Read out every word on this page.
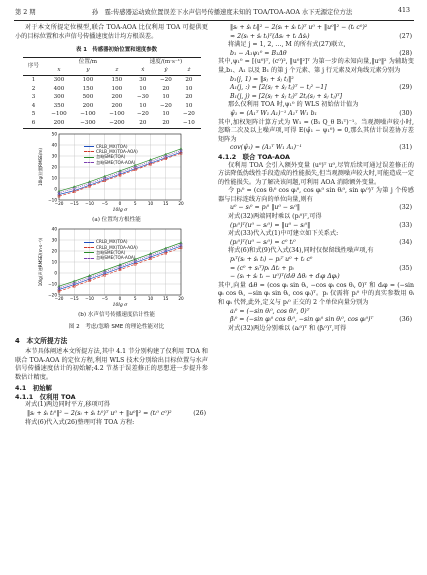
第 2 期	孙　霆:传感器运动致位置误差下水声信号传播速度未知的 TOA/TOA-AOA 水下无源定位方法	413

对于本文所提定位模型,联合 TOA-AOA 比仅利用 TOA 可提供更小的目标位置和水声信号传播速度估计均方根误差。

表 1　传感器初始位置和速度参数

序号	位置/m			速度/(m·s⁻¹)		
	x	y	z	ẋ	ẏ	ż
1	300	100	150	30	−20	20
2	400	150	100	10	20	10
3	300	500	200	−30	10	20
4	350	200	200	10	−20	10
5	−100	−100	−100	−20	10	−20
6	200	−300	−200	20	20	−10
50
40
30
20
10
0
−10
−20 −15 −10 −5	0	5	10 15 20
10lg σ
10lg(位置RMSE/m)
CRLB_MX(TOA)
CRLB_MX(TOA-AOA)
忽略SME(TOA)
忽略SME(TOA-AOA)

(a) 位置均方根性能

40
30
20
10
0
−10
−20
−20 −15 −10 −5	0	5	10 15 20
10lg σ
10lg(声速RMSE/(m·s⁻¹))	CRLB_MX(TOA)
CRLB_MX(TOA-AOA)
忽略SME(TOA)
忽略SME(TOA-AOA)

(b) 水声信号传播速度估计性能

图 2　考虑/忽略 SME 的理论性能对比

4　本文所提方法

本节具体阐述本文所提方法,其中 4.1 节分别构建了仅利用 TOA 和联合 TOA-AOA 的定位方程,利用 WLS 技术分别给出目标位置与水声信号传播速度估计的初始解;4.2 节基于误差修正的思想进一步提升参数估计精度。

4.1　初始解
4.1.1　仅利用 TOA

对式(1)两边同时平方,移项可得

‖sᵢ + ṡᵢ tᵢ⁰‖² − 2(sᵢ + ṡᵢ tᵢ⁰)ᵀ u⁰ + ‖u⁰‖² = (tᵢ⁰ c⁰)²	(26)

将式(6)代入式(26)整理可将 TOA 方程:

‖sᵢ + ṡᵢ tᵢ‖² − 2(sᵢ + ṡᵢ tᵢ)ᵀ u⁰ + ‖u⁰‖² − (tᵢ c⁰)²
≈ 2(sᵢ + ṡᵢ tᵢ)ᵀ(Δsᵢ + tᵢ Δṡᵢ)	(27)

将满足 j = 1, 2, …, M 的所有式(27)联立,

b₁ − A₁ψ₁⁰ = B₁Δθ	(28)

其中,ψ₁⁰ = [(u⁰)ᵀ, (c⁰)², ‖u⁰‖²]ᵀ 为第一步的未知向量,‖u⁰‖² 为辅助变量,b₁、A₁ 以及 B₁ 的第 j 个元素、第 j 行元素及对角线元素分别为

b₁(j, 1) = ‖sⱼ + ṡⱼ tⱼ‖²
A₁(j, :) = [2(sⱼ + ṡⱼ tⱼ)ᵀ − tⱼ² −1]	(29)
B₁(j, j) = [2(sⱼ + ṡⱼ tⱼ)ᵀ 2tⱼ(sⱼ + ṡⱼ tⱼ)ᵀ]

那么仅利用 TOA 时,ψ₁⁰ 的 WLS 初始估计值为

ψ̂₁ = (A₁ᵀ W₁ A₁)⁻¹ A₁ᵀ W₁ b₁	(30)

其中,加权矩阵计算方式为 W₁ = (B₁ Q_θ B₁ᵀ)⁻¹。当观测噪声较小时,忽略二次及以上噪声项,可得 E(ψ̂₁ − ψ₁⁰) = 0,那么其估计误差协方差矩阵为

cov(ψ̂₁) = (A₁ᵀ W₁ A₁)⁻¹	(31)
4.1.2　联合 TOA-AOA

仅利用 TOA 会引入额外变量 (u⁰)ᵀ u⁰,尽管后续可通过误差修正的方法降低伪线性手段造成的性能损失,但当观测噪声较大时,可能造成一定的性能损失。为了解决该问题,可利用 AOA 消除额外变量。

令 pᵢ⁰ = (cos θᵢ⁰ cos φᵢ⁰, cos φᵢ⁰ sin θᵢ⁰, sin φᵢ⁰)ᵀ 为第 j 个传感器与目标连线方向的单位向量,则有

u⁰ − sᵢ⁰ = pᵢ⁰ ‖u⁰ − sᵢ⁰‖	(32)

对式(32)两端同时乘以 (pᵢ⁰)ᵀ,可得

(pᵢ⁰)ᵀ(u⁰ − sᵢ⁰) = ‖u⁰ − sᵢ⁰‖	(33)

对式(33)代入式(1)中可建立如下关系式:

(pᵢ⁰)ᵀ(u⁰ − sᵢ⁰) = c⁰ tᵢ⁰	(34)

将式(6)和式(9)代入式(34),同时仅保留线性噪声项,有

pᵢᵀ(sᵢ + ṡᵢ tᵢ) − pᵢᵀ u⁰ + tᵢ c⁰
= (c⁰ + sᵢᵀ)pᵢ Δtᵢ + pᵢ	(35)
− (sᵢ + ṡᵢ tᵢ − u⁰)ᵀ(dᵢθ Δθᵢ + dᵢφ Δφᵢ)

其中,向量 dᵢθ = (cos φᵢ sin θᵢ, −cos φᵢ cos θᵢ, 0)ᵀ 和 dᵢφ = (−sin φᵢ cos θᵢ, −sin φᵢ sin θᵢ, cos φᵢ)ᵀ。pᵢ 仅需将 pᵢ⁰ 中的真实参数用 θᵢ 和 φᵢ 代替,此外,定义与 pᵢ⁰ 正交的 2 个单位向量分别为

aᵢ⁰ = (−sin θᵢ⁰, cos θᵢ⁰, 0)ᵀ
βᵢ⁰ = (−sin φᵢ⁰ cos θᵢ⁰, −sin φᵢ⁰ sin θᵢ⁰, cos φᵢ⁰)ᵀ	(36)

对式(32)两边分别乘以 (aᵢ⁰)ᵀ 和 (βᵢ⁰)ᵀ,可得
